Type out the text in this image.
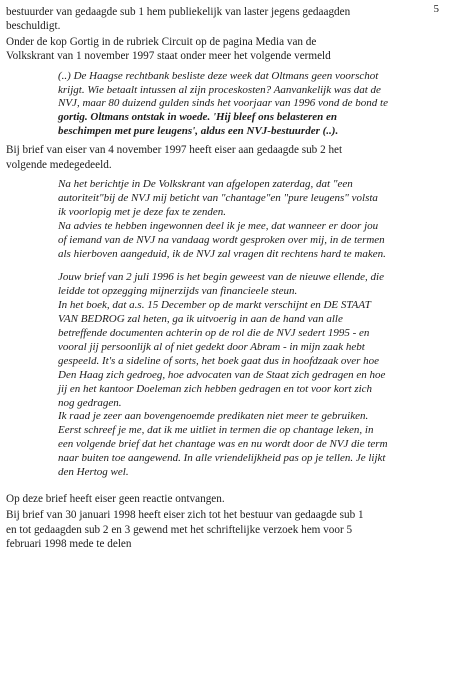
5

bestuurder van gedaagde sub 1 hem publiekelijk van laster jegens gedaagden
beschuldigt.

Onder de kop Gortig in de rubriek Circuit op de pagina Media van de
Volkskrant van 1 november 1997 staat onder meer het volgende vermeld

(..) De Haagse rechtbank besliste deze week dat Oltmans geen voorschot
krijgt. Wie betaalt intussen al zijn proceskosten? Aanvankelijk was dat de
NVJ, maar 80 duizend gulden sinds het voorjaar van 1996 vond de bond te
gortig. Oltmans ontstak in woede. 'Hij bleef ons belasteren en
beschimpen met pure leugens', aldus een NVJ-bestuurder (..).

Bij brief van eiser van 4 november 1997 heeft eiser aan gedaagde sub 2 het
volgende medegedeeld.

Na het berichtje in De Volkskrant van afgelopen zaterdag, dat "een
autoriteit"bij de NVJ mij beticht van "chantage"en "pure leugens" volsta
ik voorlopig met je deze fax te zenden.

Na advies te hebben ingewonnen deel ik je mee, dat wanneer er door jou
of iemand van de NVJ na vandaag wordt gesproken over mij, in de termen
als hierboven aangeduid, ik de NVJ zal vragen dit rechtens hard te maken.

Jouw brief van 2 juli 1996 is het begin geweest van de nieuwe ellende, die
leidde tot opzegging mijnerzijds van financieele steun.

In het boek, dat a.s. 15 December op de markt verschijnt en DE STAAT
VAN BEDROG zal heten, ga ik uitvoerig in aan de hand van alle
betreffende documenten achterin op de rol die de NVJ sedert 1995 - en
vooral jij persoonlijk al of niet gedekt door Abram - in mijn zaak hebt
gespeeld. It's a sideline of sorts, het boek gaat dus in hoofdzaak over hoe
Den Haag zich gedroeg, hoe advocaten van de Staat zich gedragen en hoe
jij en het kantoor Doeleman zich hebben gedragen en tot voor kort zich
nog gedragen.

Ik raad je zeer aan bovengenoemde predikaten niet meer te gebruiken.
Eerst schreef je me, dat ik me uitliet in termen die op chantage leken, in
een volgende brief dat het chantage was en nu wordt door de NVJ die term
naar buiten toe aangewend. In alle vriendelijkheid pas op je tellen. Je lijkt
den Hertog wel.

Op deze brief heeft eiser geen reactie ontvangen.

Bij brief van 30 januari 1998 heeft eiser zich tot het bestuur van gedaagde sub 1
en tot gedaagden sub 2 en 3 gewend met het schriftelijke verzoek hem voor 5
februari 1998 mede te delen
